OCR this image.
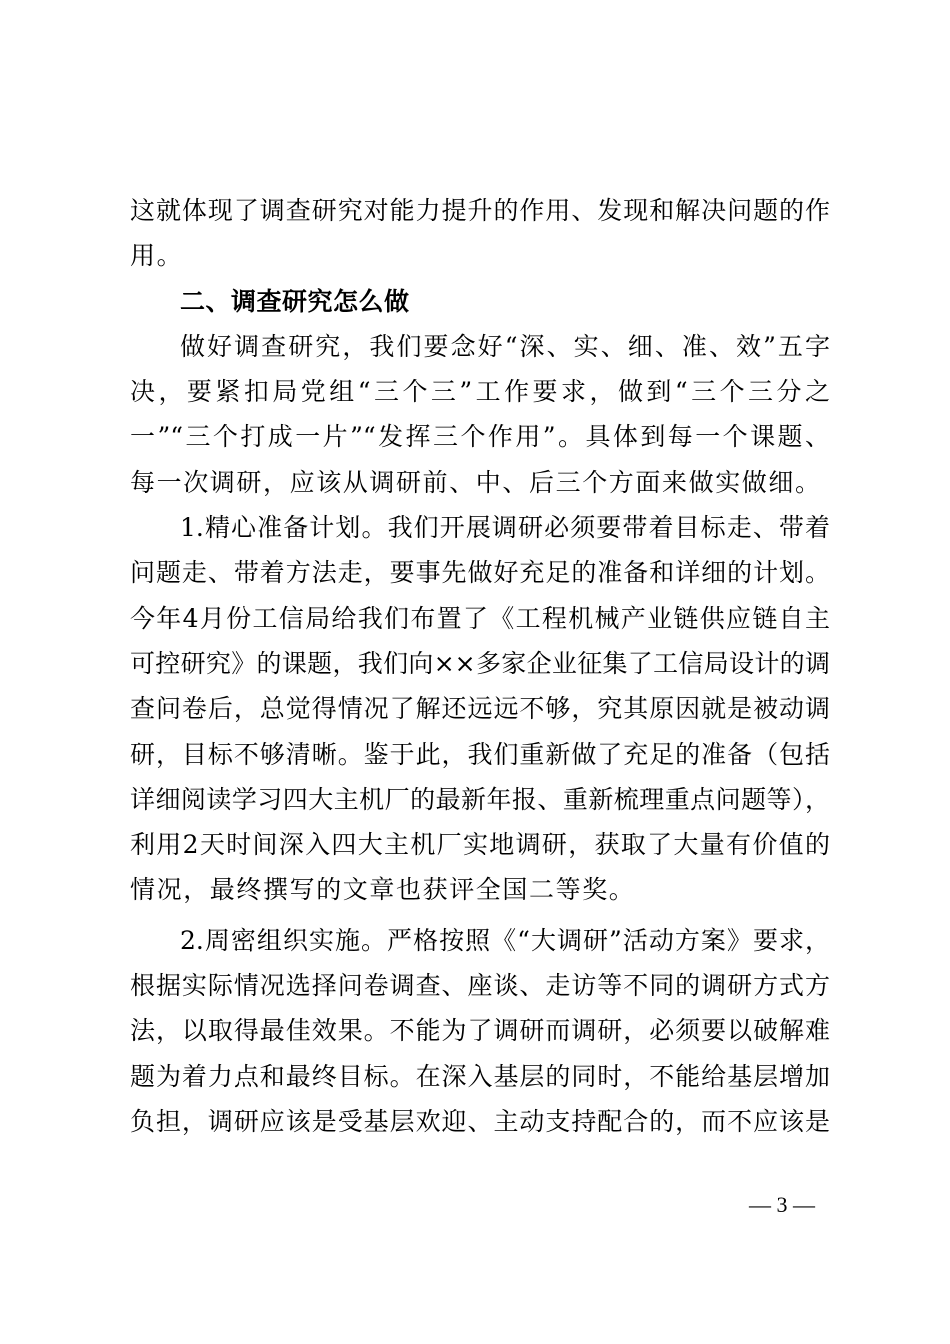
这就体现了调查研究对能力提升的作用、发现和解决问题的作
用。
二、调查研究怎么做
做好调查研究，我们要念好“深、实、细、准、效”五字
决，要紧扣局党组“三个三”工作要求，做到“三个三分之
一”“三个打成一片”“发挥三个作用”。具体到每一个课题、
每一次调研，应该从调研前、中、后三个方面来做实做细。
1.精心准备计划。我们开展调研必须要带着目标走、带着
问题走、带着方法走，要事先做好充足的准备和详细的计划。
今年4月份工信局给我们布置了《工程机械产业链供应链自主
可控研究》的课题，我们向××多家企业征集了工信局设计的调
查问卷后，总觉得情况了解还远远不够，究其原因就是被动调
研，目标不够清晰。鉴于此，我们重新做了充足的准备（包括
详细阅读学习四大主机厂的最新年报、重新梳理重点问题等），
利用2天时间深入四大主机厂实地调研，获取了大量有价值的
情况，最终撰写的文章也获评全国二等奖。
2.周密组织实施。严格按照《“大调研”活动方案》要求，
根据实际情况选择问卷调查、座谈、走访等不同的调研方式方
法，以取得最佳效果。不能为了调研而调研，必须要以破解难
题为着力点和最终目标。在深入基层的同时，不能给基层增加
负担，调研应该是受基层欢迎、主动支持配合的，而不应该是
— 3 —
